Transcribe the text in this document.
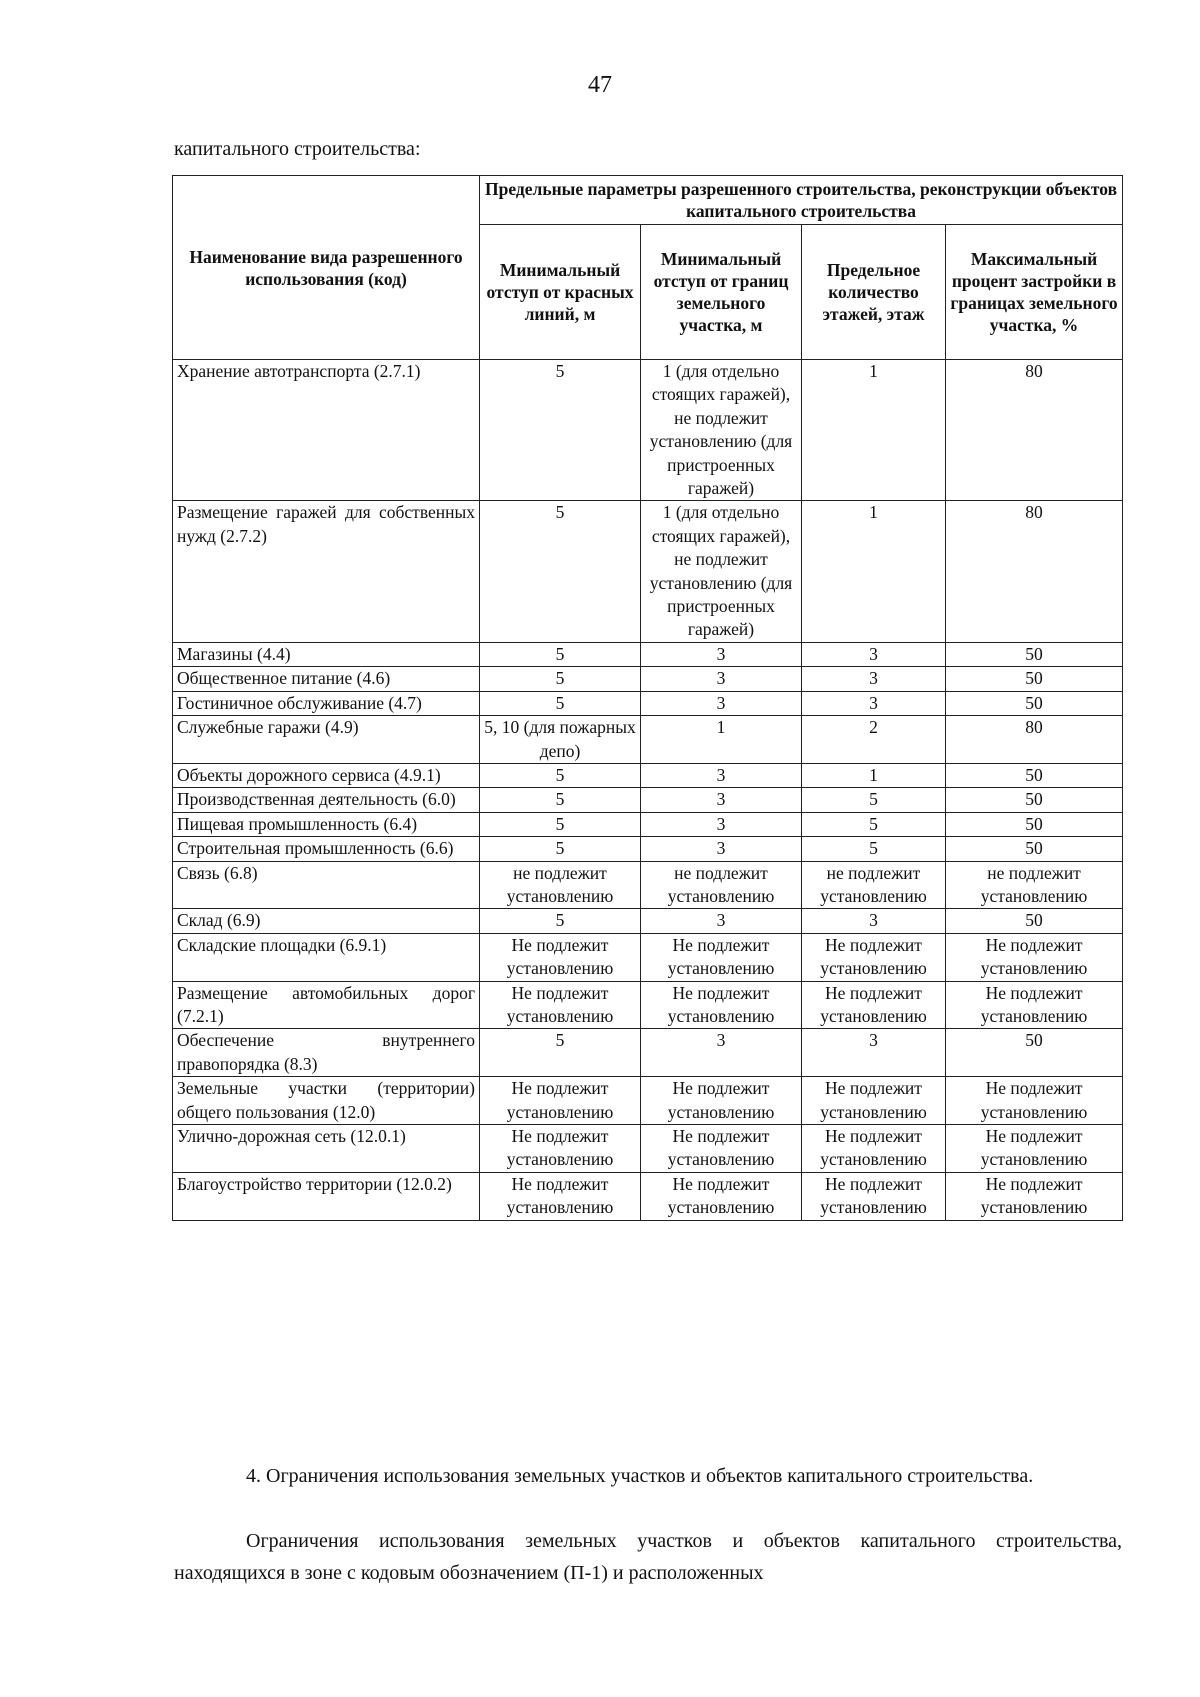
47
капитального строительства:
Наименование вида разрешенного использования (код)	Предельные параметры разрешенного строительства, реконструкции объектов капитального строительства			
	Минимальный отступ от красных линий, м	Минимальный отступ от границ земельного участка, м	Предельное количество этажей, этаж	Максимальный процент застройки в границах земельного участка, %
Хранение автотранспорта (2.7.1)	5	1 (для отдельно стоящих гаражей), не подлежит установлению (для пристроенных гаражей)	1	80
Размещение гаражей для собственных нужд (2.7.2)	5	1 (для отдельно стоящих гаражей), не подлежит установлению (для пристроенных гаражей)	1	80
Магазины (4.4)	5	3	3	50
Общественное питание (4.6)	5	3	3	50
Гостиничное обслуживание (4.7)	5	3	3	50
Служебные гаражи (4.9)	5, 10 (для пожарных депо)	1	2	80
Объекты дорожного сервиса (4.9.1)	5	3	1	50
Производственная деятельность (6.0)	5	3	5	50
Пищевая промышленность (6.4)	5	3	5	50
Строительная промышленность (6.6)	5	3	5	50
Связь (6.8)	не подлежит установлению	не подлежит установлению	не подлежит установлению	не подлежит установлению
Склад (6.9)	5	3	3	50
Складские площадки (6.9.1)	Не подлежит установлению	Не подлежит установлению	Не подлежит установлению	Не подлежит установлению
Размещение автомобильных дорог (7.2.1)	Не подлежит установлению	Не подлежит установлению	Не подлежит установлению	Не подлежит установлению
Обеспечение внутреннего правопорядка (8.3)	5	3	3	50
Земельные участки (территории) общего пользования (12.0)	Не подлежит установлению	Не подлежит установлению	Не подлежит установлению	Не подлежит установлению
Улично-дорожная сеть (12.0.1)	Не подлежит установлению	Не подлежит установлению	Не подлежит установлению	Не подлежит установлению
Благоустройство территории (12.0.2)	Не подлежит установлению	Не подлежит установлению	Не подлежит установлению	Не подлежит установлению
4. Ограничения использования земельных участков и объектов капитального строительства.
Ограничения использования земельных участков и объектов капитального строительства, находящихся в зоне с кодовым обозначением (П-1) и расположенных
